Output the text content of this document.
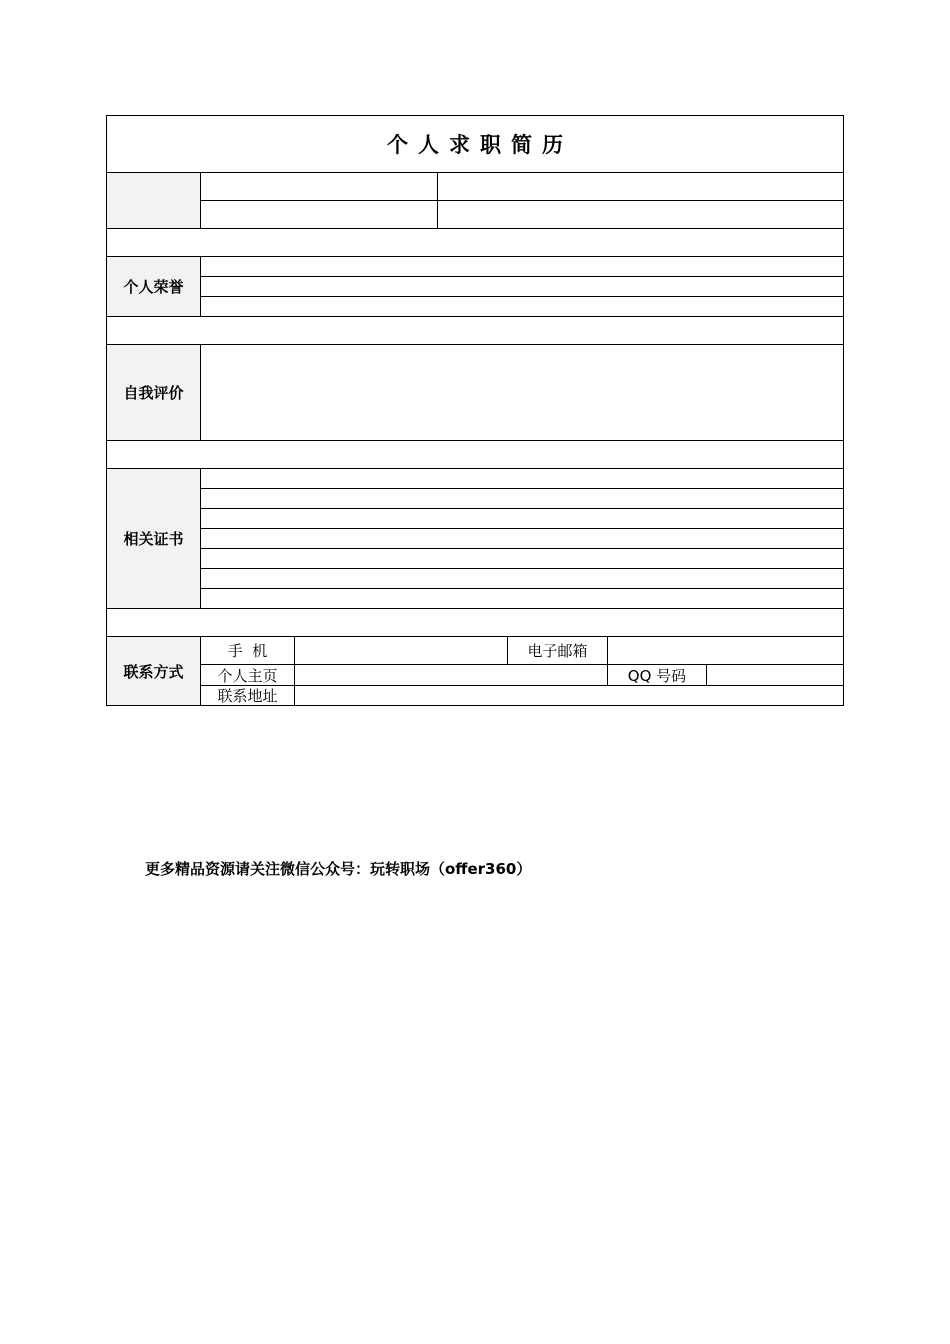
个人求职简历
个人荣誉
自我评价
相关证书
联系方式
手  机	电子邮箱
个人主页	QQ 号码
联系地址
更多精品资源请关注微信公众号：玩转职场（offer360）
